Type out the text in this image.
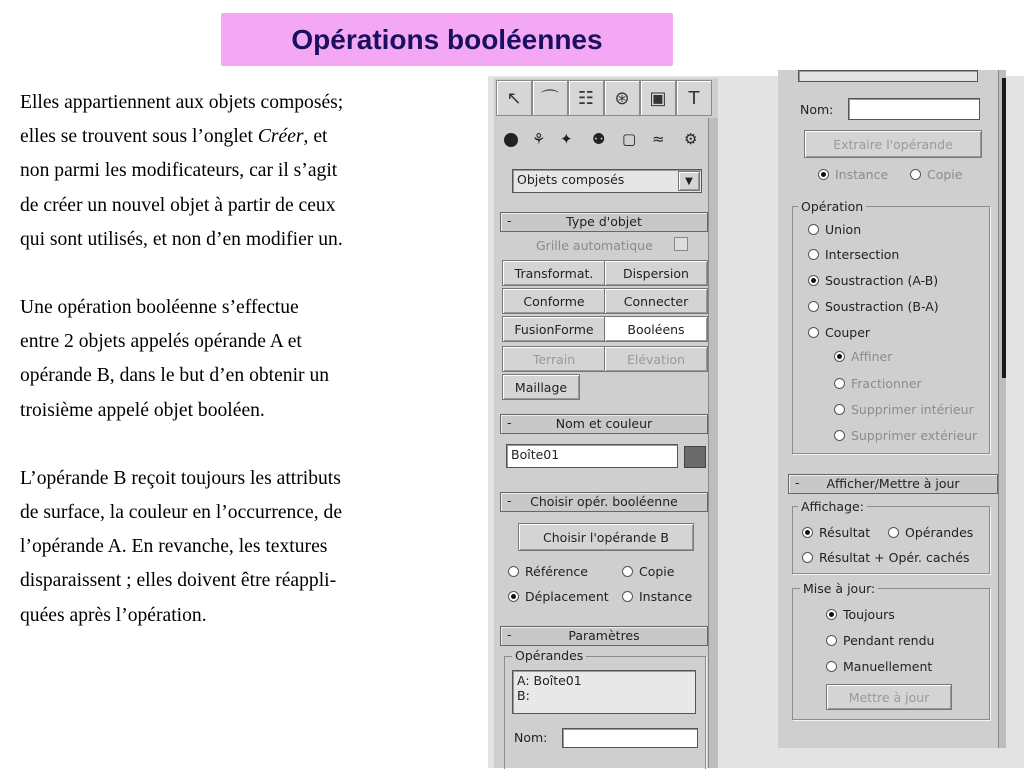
Opérations booléennes

Elles appartiennent aux objets composés;
elles se trouvent sous l’onglet Créer, et
non parmi les modificateurs, car il s’agit
de créer un nouvel objet à partir de ceux
qui sont utilisés, et non d’en modifier un.

Une opération booléenne s’effectue
entre 2 objets appelés opérande A et
opérande B, dans le but d’en obtenir un
troisième appelé objet booléen.

L’opérande B reçoit toujours les attributs
de surface, la couleur en l’occurrence, de
l’opérande A. En revanche, les textures
disparaissent ; elles doivent être réappli-
quées après l’opération.

↖	⌒	☷	⊛	▣	Τ
⚘ ✦ ⚉ ▢ ≈ ⚙
Objets composés	▼
-	Type d'objet
Grille automatique
Transformat.	Dispersion
Conforme	Connecter
FusionForme	Booléens
Terrain	Elévation
Maillage
-	Nom et couleur
Boîte01
-	Choisir opér. booléenne
Choisir l'opérande B
Référence	Copie
Déplacement Instance
-	Paramètres
Opérandes
A: Boîte01
B:
Nom:
Nom:
Extraire l'opérande
Instance	Copie
Opération
Union
Intersection
Soustraction (A-B)
Soustraction (B-A)
Couper
Affiner
Fractionner
Supprimer intérieur
Supprimer extérieur
-	Afficher/Mettre à jour
Affichage:
Résultat	Opérandes
Résultat + Opér. cachés
Mise à jour:
Toujours
Pendant rendu
Manuellement
Mettre à jour
